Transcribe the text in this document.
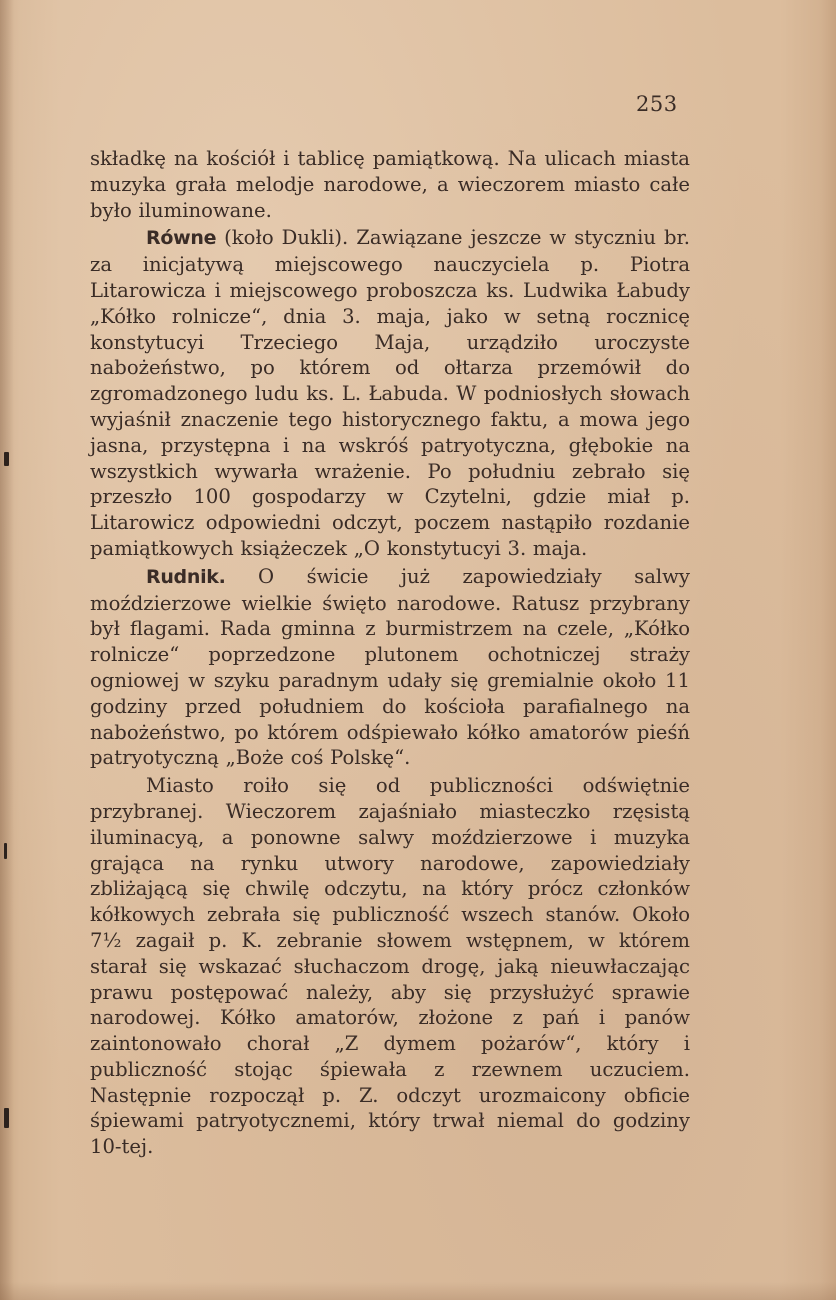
253

składkę na kościół i tablicę pamiątkową. Na ulicach miasta muzyka grała melodje narodowe, a wieczorem miasto całe było iluminowane.

Równe (koło Dukli). Zawiązane jeszcze w styczniu br. za inicjatywą miejscowego nauczyciela p. Piotra Litarowicza i miejscowego proboszcza ks. Ludwika Łabudy „Kółko rolnicze“, dnia 3. maja, jako w setną rocznicę konstytucyi Trzeciego Maja, urządziło uroczyste nabożeństwo, po którem od ołtarza przemówił do zgromadzonego ludu ks. L. Łabuda. W podniosłych słowach wyjaśnił znaczenie tego historycznego faktu, a mowa jego jasna, przystępna i na wskróś patryotyczna, głębokie na wszystkich wywarła wrażenie. Po południu zebrało się przeszło 100 gospodarzy w Czytelni, gdzie miał p. Litarowicz odpowiedni odczyt, poczem nastąpiło rozdanie pamiątkowych książeczek „O konstytucyi 3. maja.

Rudnik. O świcie już zapowiedziały salwy moździerzowe wielkie święto narodowe. Ratusz przybrany był flagami. Rada gminna z burmistrzem na czele, „Kółko rolnicze“ poprzedzone plutonem ochotniczej straży ogniowej w szyku paradnym udały się gremialnie około 11 godziny przed południem do kościoła parafialnego na nabożeństwo, po którem odśpiewało kółko amatorów pieśń patryotyczną „Boże coś Polskę“.

Miasto roiło się od publiczności odświętnie przybranej. Wieczorem zajaśniało miasteczko rzęsistą iluminacyą, a ponowne salwy moździerzowe i muzyka grająca na rynku utwory narodowe, zapowiedziały zbliżającą się chwilę odczytu, na który prócz członków kółkowych zebrała się publiczność wszech stanów. Około 7½ zagaił p. K. zebranie słowem wstępnem, w którem starał się wskazać słuchaczom drogę, jaką nieuwłaczając prawu postępować należy, aby się przysłużyć sprawie narodowej. Kółko amatorów, złożone z pań i panów zaintonowało chorał „Z dymem pożarów“, który i publiczność stojąc śpiewała z rzewnem uczuciem. Następnie rozpoczął p. Z. odczyt urozmaicony obficie śpiewami patryotycznemi, który trwał niemal do godziny 10-tej.
